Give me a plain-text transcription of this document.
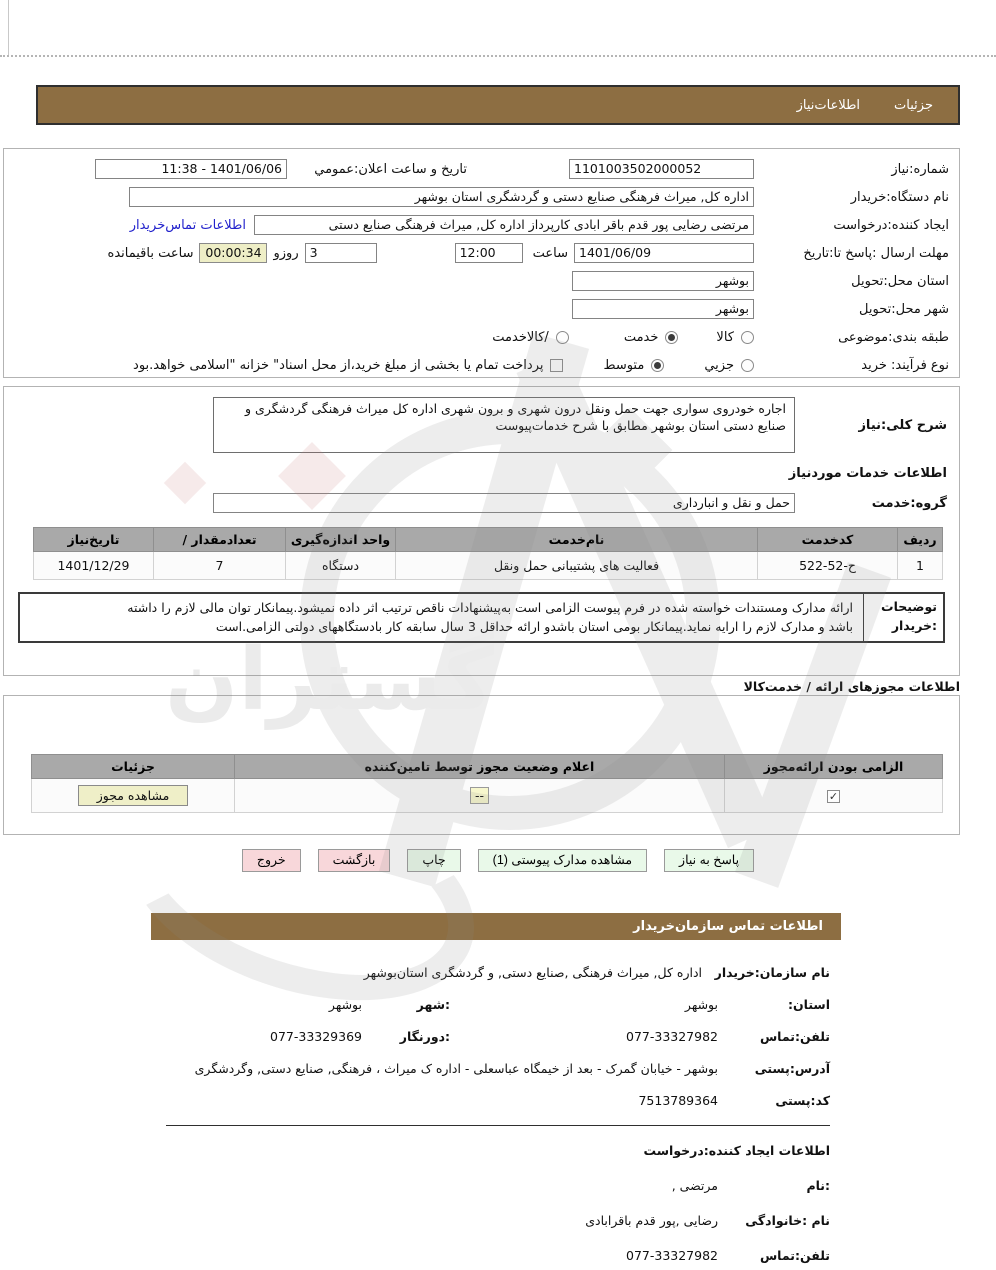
گستران
جزئیات
اطلاعات‌نیاز
شماره:نیاز
1101003502000052
تاریخ و ساعت اعلان:عمومي
11:38 - 1401/06/06
نام دستگاه:خریدار
اداره کل, میراث فرهنگی صنایع دستی و گردشگری استان بوشهر
ایجاد کننده:درخواست
مرتضی رضایی پور قدم باقر ابادی کارپرداز اداره کل, میراث فرهنگی صنایع دستی
اطلاعات تماس‌خریدار
مهلت ارسال :پاسخ تا:تاریخ
1401/06/09
ساعت
12:00
3
روزو
00:00:34
ساعت باقیمانده
استان محل:تحویل
بوشهر
شهر محل:تحویل
بوشهر
طبقه بندی:موضوعی
کالا
خدمت
/کالاخدمت
نوع فرآیند: خرید
جزيي
متوسط
پرداخت تمام یا بخشی از مبلغ خرید،از محل اسناد" خزانه "اسلامی خواهد.بود
شرح کلی:نیاز
اجاره خودروی سواری جهت حمل ونقل درون شهری و برون شهری اداره کل میراث فرهنگی گردشگری و صنایع دستی استان بوشهر مطابق با شرح خدمات‌پیوست
اطلاعات خدمات موردنیاز
گروه:خدمت
حمل و نقل و انبارداری
ردیف	کدخدمت	نام‌خدمت	واحد اندازه‌گیری	تعدادمقدار /	تاریخ‌نیاز
1	ح-52-522	فعالیت های پشتیبانی حمل ونقل	دستگاه	7	1401/12/29
توضیحات
:خریدار
ارائه مدارک ومستندات خواسته شده در فرم پیوست الزامی است به‌پیشنهادات ناقص ترتیب اثر داده نمیشود.پیمانکار توان مالی لازم را داشته
باشد و مدارک لازم را ارایه نماید.پیمانکار بومی استان باشدو ارائه حداقل 3 سال سابقه کار بادستگاههای دولتی الزامی.است
اطلاعات مجوزهای ارائه / خدمت‌کالا
الزامی بودن ارائه‌مجوز	اعلام وضعیت مجوز توسط تامین‌کننده	جزئیات
✓	--	مشاهده مجوز
پاسخ به نیاز
مشاهده مدارک پیوستی (1)
چاپ
بازگشت
خروج
اطلاعات تماس سازمان‌خریدار
نام سازمان:خریدار
اداره کل, میراث فرهنگی ,صنایع دستی, و گردشگری استان‌بوشهر
استان:
بوشهر
:شهر
بوشهر
تلفن:تماس
077-33327982
:دورنگار
077-33329369
آدرس:پستی
بوشهر - خیابان گمرک - بعد از خیمگاه عباسعلی - اداره ک میراث ، فرهنگی, صنایع دستی, وگردشگری
کد:پستی
7513789364
اطلاعات ایجاد کننده:درخواست
:نام
مرتضی ,
نام :خانوادگی
رضایی ,پور قدم باقرابادی
تلفن:تماس
077-33327982
